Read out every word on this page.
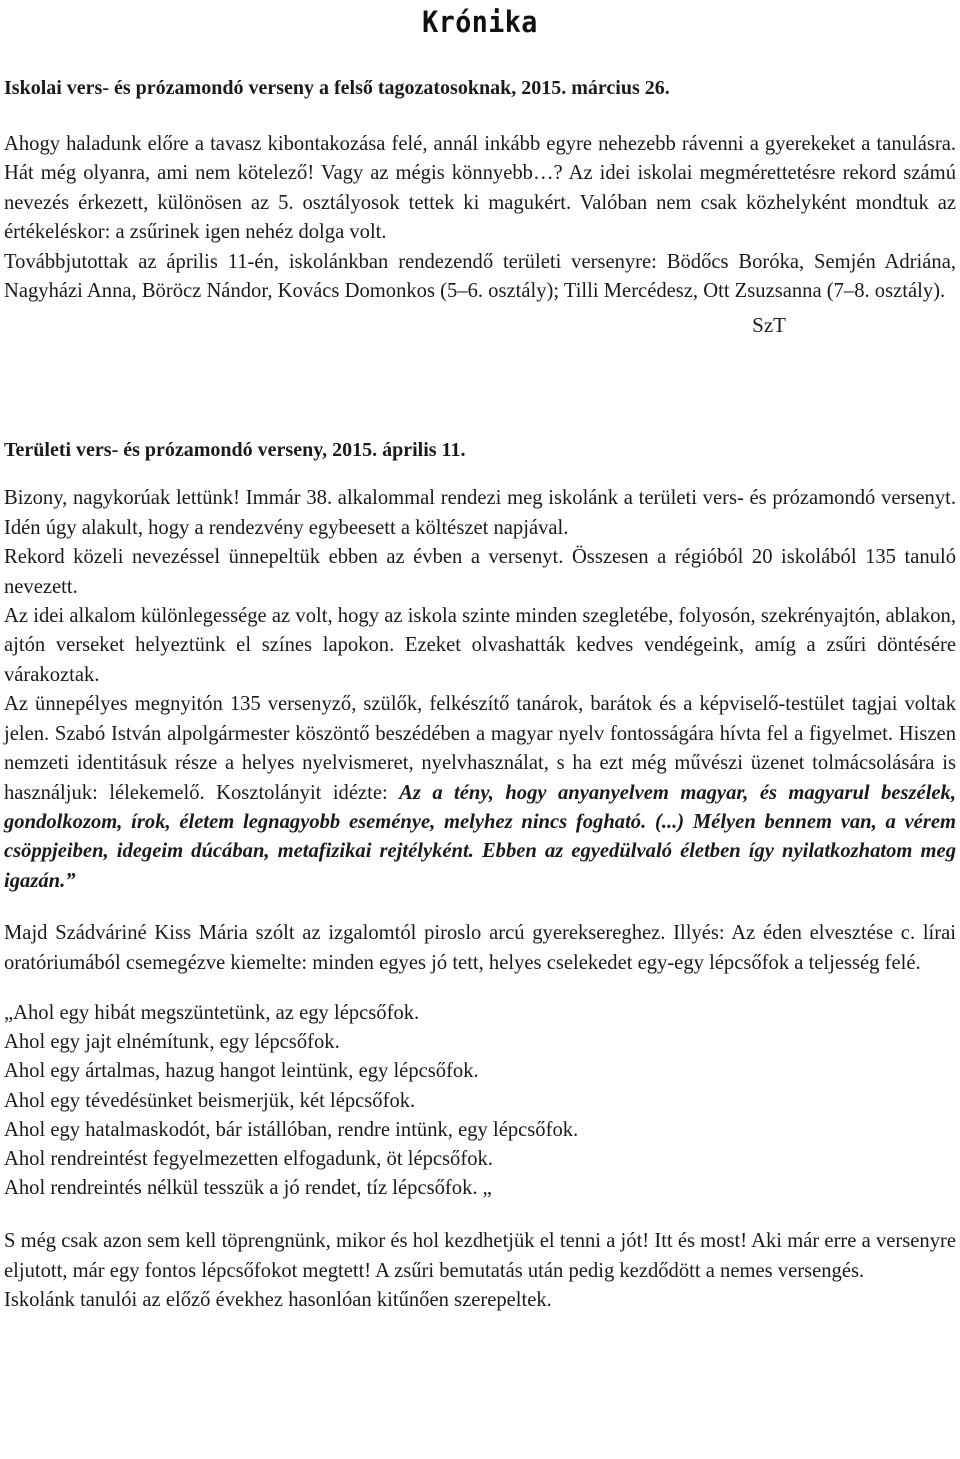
Krónika
Iskolai vers- és prózamondó verseny a felső tagozatosoknak, 2015. március 26.

Ahogy haladunk előre a tavasz kibontakozása felé, annál inkább egyre nehezebb rávenni a gyerekeket a tanulásra. Hát még olyanra, ami nem kötelező! Vagy az mégis könnyebb…? Az idei iskolai megmérettetésre rekord számú nevezés érkezett, különösen az 5. osztályosok tettek ki magukért. Valóban nem csak közhelyként mondtuk az értékeléskor: a zsűrinek igen nehéz dolga volt.

Továbbjutottak az április 11-én, iskolánkban rendezendő területi versenyre: Bödőcs Boróka, Semjén Adriána, Nagyházi Anna, Böröcz Nándor, Kovács Domonkos (5–6. osztály); Tilli Mercédesz, Ott Zsuzsanna (7–8. osztály).

SzT

Területi vers- és prózamondó verseny, 2015. április 11.

Bizony, nagykorúak lettünk! Immár 38. alkalommal rendezi meg iskolánk a területi vers- és prózamondó versenyt. Idén úgy alakult, hogy a rendezvény egybeesett a költészet napjával.

Rekord közeli nevezéssel ünnepeltük ebben az évben a versenyt. Összesen a régióból 20 iskolából 135 tanuló nevezett.

Az idei alkalom különlegessége az volt, hogy az iskola szinte minden szegletébe, folyosón, szekrényajtón, ablakon, ajtón verseket helyeztünk el színes lapokon. Ezeket olvashatták kedves vendégeink, amíg a zsűri döntésére várakoztak.

Az ünnepélyes megnyitón 135 versenyző, szülők, felkészítő tanárok, barátok és a képviselő-testület tagjai voltak jelen. Szabó István alpolgármester köszöntő beszédében a magyar nyelv fontosságára hívta fel a figyelmet. Hiszen nemzeti identitásuk része a helyes nyelvismeret, nyelvhasználat, s ha ezt még művészi üzenet tolmácsolására is használjuk: lélekemelő. Kosztolányit idézte: Az a tény, hogy anyanyelvem magyar, és magyarul beszélek, gondolkozom, írok, életem legnagyobb eseménye, melyhez nincs fogható. (...) Mélyen bennem van, a vérem csöppjeiben, idegeim dúcában, metafizikai rejtélyként. Ebben az egyedülvaló életben így nyilatkozhatom meg igazán.”

Majd Szádváriné Kiss Mária szólt az izgalomtól piroslo arcú gyereksereghez. Illyés: Az éden elvesztése c. lírai oratóriumából csemegézve kiemelte: minden egyes jó tett, helyes cselekedet egy-egy lépcsőfok a teljesség felé.

„Ahol egy hibát megszüntetünk, az egy lépcsőfok.

Ahol egy jajt elnémítunk, egy lépcsőfok.

Ahol egy ártalmas, hazug hangot leintünk, egy lépcsőfok.

Ahol egy tévedésünket beismerjük, két lépcsőfok.

Ahol egy hatalmaskodót, bár istállóban, rendre intünk, egy lépcsőfok.

Ahol rendreintést fegyelmezetten elfogadunk, öt lépcsőfok.

Ahol rendreintés nélkül tesszük a jó rendet, tíz lépcsőfok. „

S még csak azon sem kell töprengnünk, mikor és hol kezdhetjük el tenni a jót! Itt és most! Aki már erre a versenyre eljutott, már egy fontos lépcsőfokot megtett! A zsűri bemutatás után pedig kezdődött a nemes versengés.

Iskolánk tanulói az előző évekhez hasonlóan kitűnően szerepeltek.
